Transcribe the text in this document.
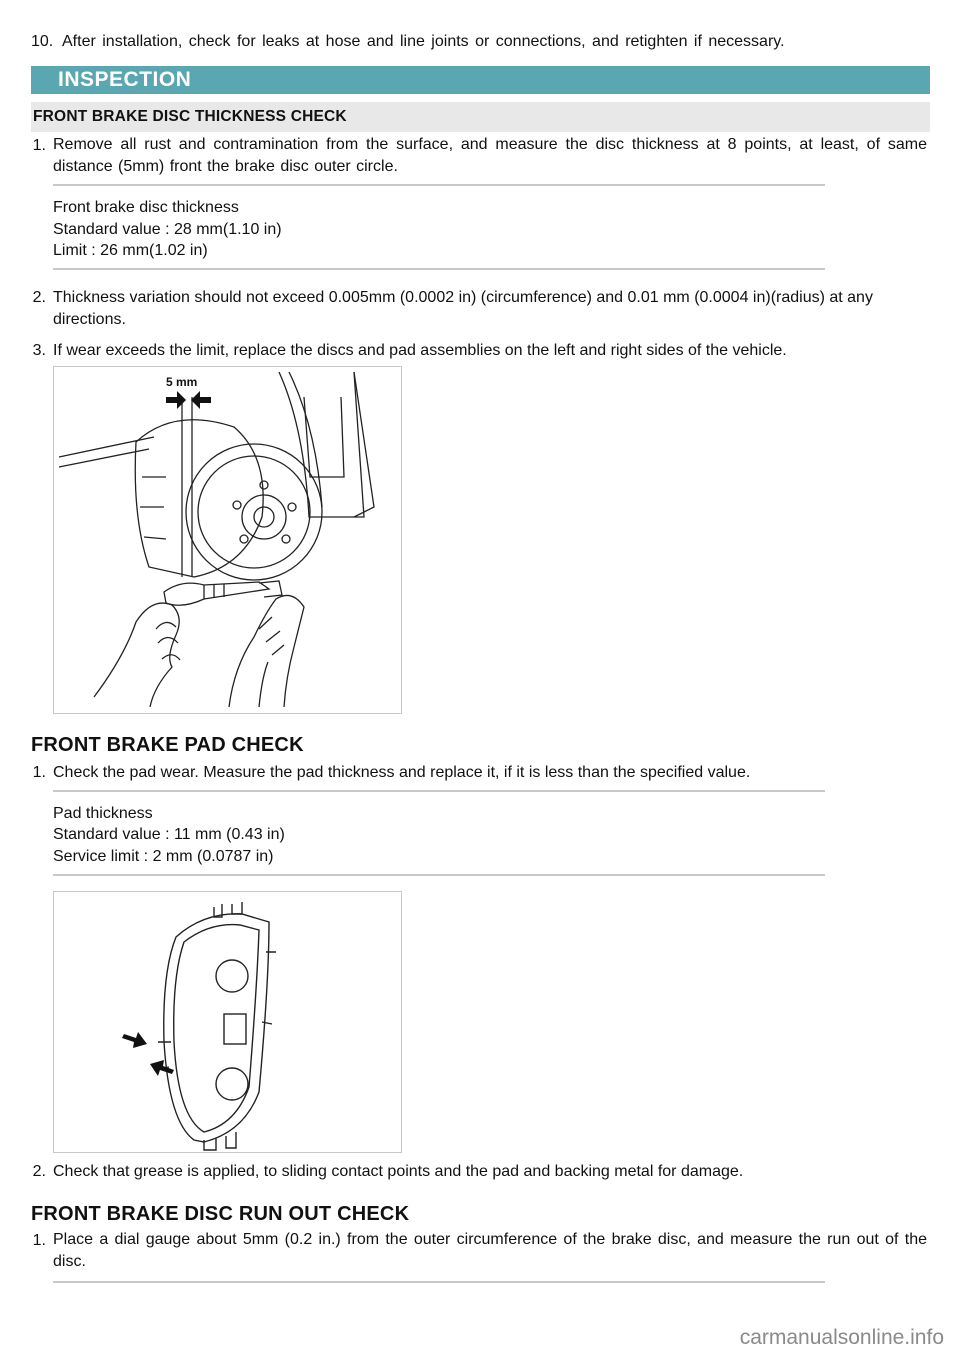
10. After installation, check for leaks at hose and line joints or connections, and retighten if necessary.
INSPECTION
FRONT BRAKE DISC THICKNESS CHECK
1. Remove all rust and contramination from the surface, and measure the disc thickness at 8 points, at least, of same distance (5mm) front the brake disc outer circle.
Front brake disc thickness
Standard value : 28 mm(1.10 in)
Limit : 26 mm(1.02 in)
2. Thickness variation should not exceed 0.005mm (0.0002 in) (circumference) and 0.01 mm (0.0004 in)(radius) at any directions.
3. If wear exceeds the limit, replace the discs and pad assemblies on the left and right sides of the vehicle.
5 mm
FRONT BRAKE PAD CHECK
1. Check the pad wear. Measure the pad thickness and replace it, if it is less than the specified value.
Pad thickness
Standard value : 11 mm (0.43 in)
Service limit : 2 mm (0.0787 in)
2. Check that grease is applied, to sliding contact points and the pad and backing metal for damage.
FRONT BRAKE DISC RUN OUT CHECK
1. Place a dial gauge about 5mm (0.2 in.) from the outer circumference of the brake disc, and measure the run out of the disc.
carmanualsonline.info
